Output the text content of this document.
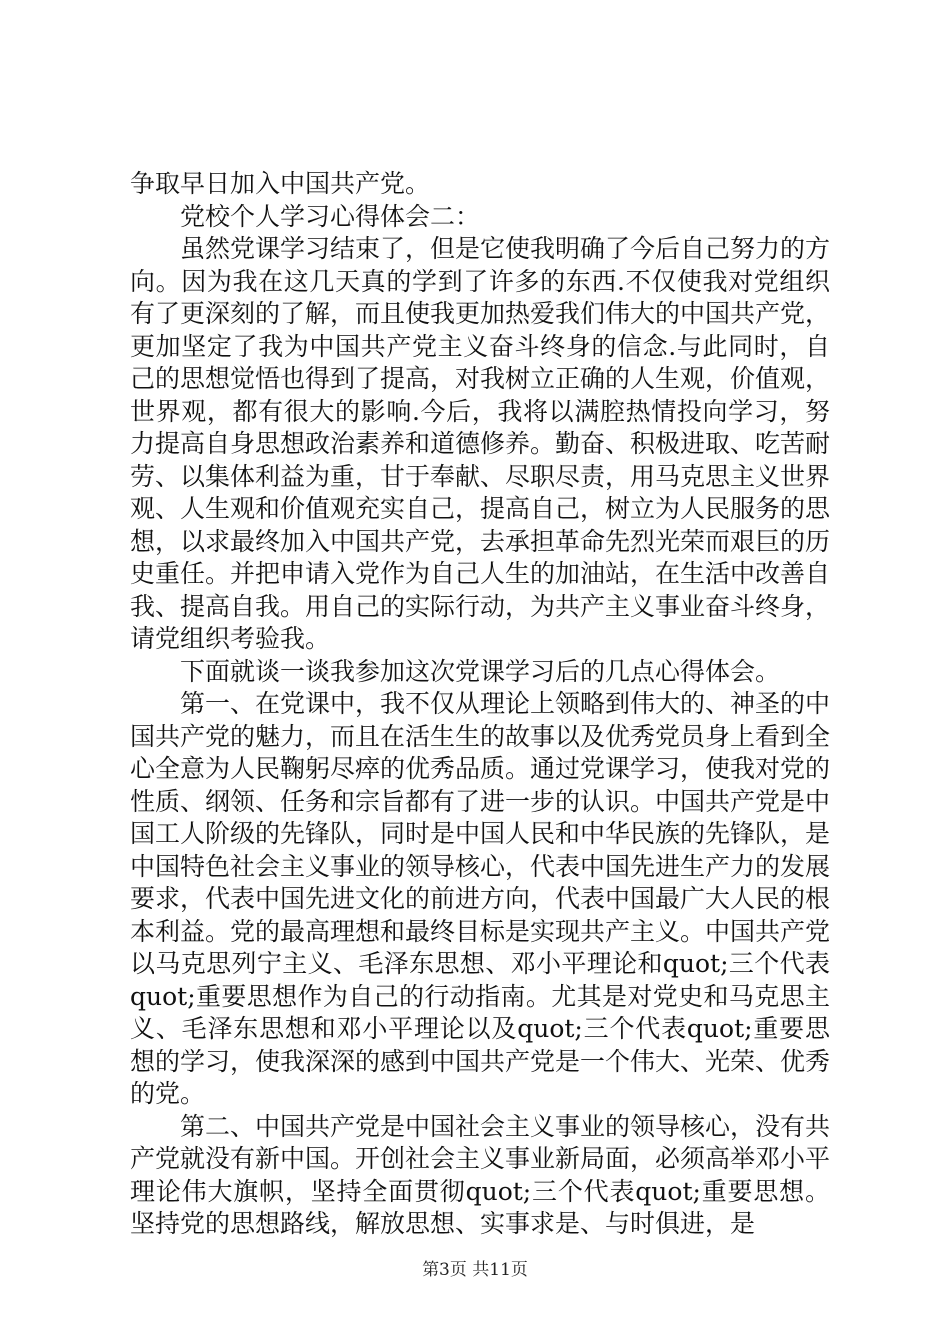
争取早日加入中国共产党。

党校个人学习心得体会二：

虽然党课学习结束了，但是它使我明确了今后自己努力的方向。因为我在这几天真的学到了许多的东西.不仅使我对党组织有了更深刻的了解，而且使我更加热爱我们伟大的中国共产党，更加坚定了我为中国共产党主义奋斗终身的信念.与此同时，自己的思想觉悟也得到了提高，对我树立正确的人生观，价值观，世界观，都有很大的影响.今后，我将以满腔热情投向学习，努力提高自身思想政治素养和道德修养。勤奋、积极进取、吃苦耐劳、以集体利益为重，甘于奉献、尽职尽责，用马克思主义世界观、人生观和价值观充实自己，提高自己，树立为人民服务的思想，以求最终加入中国共产党，去承担革命先烈光荣而艰巨的历史重任。并把申请入党作为自己人生的加油站，在生活中改善自我、提高自我。用自己的实际行动，为共产主义事业奋斗终身，请党组织考验我。

下面就谈一谈我参加这次党课学习后的几点心得体会。

第一、在党课中，我不仅从理论上领略到伟大的、神圣的中国共产党的魅力，而且在活生生的故事以及优秀党员身上看到全心全意为人民鞠躬尽瘁的优秀品质。通过党课学习，使我对党的性质、纲领、任务和宗旨都有了进一步的认识。中国共产党是中国工人阶级的先锋队，同时是中国人民和中华民族的先锋队，是中国特色社会主义事业的领导核心，代表中国先进生产力的发展要求，代表中国先进文化的前进方向，代表中国最广大人民的根本利益。党的最高理想和最终目标是实现共产主义。中国共产党以马克思列宁主义、毛泽东思想、邓小平理论和quot;三个代表quot;重要思想作为自己的行动指南。尤其是对党史和马克思主义、毛泽东思想和邓小平理论以及quot;三个代表quot;重要思想的学习，使我深深的感到中国共产党是一个伟大、光荣、优秀的党。

第二、中国共产党是中国社会主义事业的领导核心，没有共产党就没有新中国。开创社会主义事业新局面，必须高举邓小平理论伟大旗帜，坚持全面贯彻quot;三个代表quot;重要思想。坚持党的思想路线，解放思想、实事求是、与时俱进，是

第3页 共11页
